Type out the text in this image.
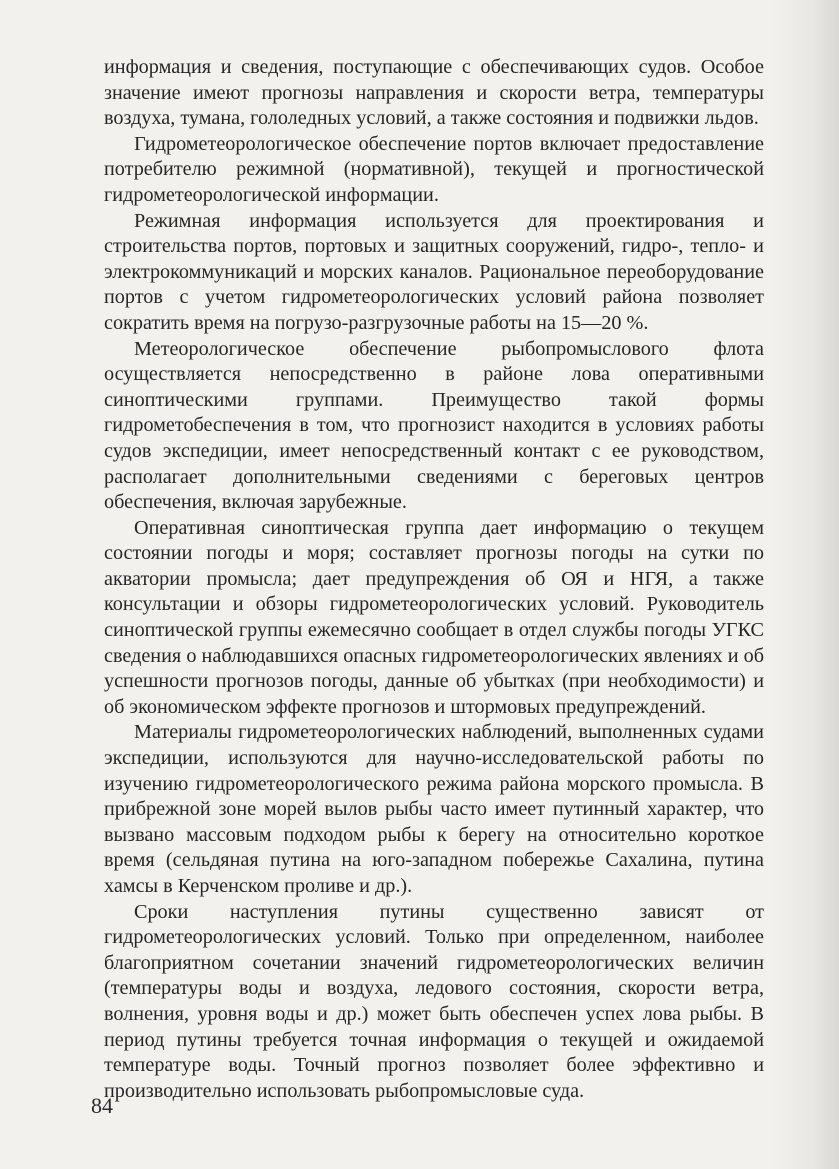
информация и сведения, поступающие с обеспечивающих судов. Особое значение имеют прогнозы направления и скорости ветра, температуры воздуха, тумана, гололедных условий, а также состояния и подвижки льдов.

Гидрометеорологическое обеспечение портов включает предоставление потребителю режимной (нормативной), текущей и прогностической гидрометеорологической информации.

Режимная информация используется для проектирования и строительства портов, портовых и защитных сооружений, гидро-, тепло- и электрокоммуникаций и морских каналов. Рациональное переоборудование портов с учетом гидрометеорологических условий района позволяет сократить время на погрузо-разгрузочные работы на 15—20 %.

Метеорологическое обеспечение рыбопромыслового флота осуществляется непосредственно в районе лова оперативными синоптическими группами. Преимущество такой формы гидрометобеспечения в том, что прогнозист находится в условиях работы судов экспедиции, имеет непосредственный контакт с ее руководством, располагает дополнительными сведениями с береговых центров обеспечения, включая зарубежные.

Оперативная синоптическая группа дает информацию о текущем состоянии погоды и моря; составляет прогнозы погоды на сутки по акватории промысла; дает предупреждения об ОЯ и НГЯ, а также консультации и обзоры гидрометеорологических условий. Руководитель синоптической группы ежемесячно сообщает в отдел службы погоды УГКС сведения о наблюдавшихся опасных гидрометеорологических явлениях и об успешности прогнозов погоды, данные об убытках (при необходимости) и об экономическом эффекте прогнозов и штормовых предупреждений.

Материалы гидрометеорологических наблюдений, выполненных судами экспедиции, используются для научно-исследовательской работы по изучению гидрометеорологического режима района морского промысла. В прибрежной зоне морей вылов рыбы часто имеет путинный характер, что вызвано массовым подходом рыбы к берегу на относительно короткое время (сельдяная путина на юго-западном побережье Сахалина, путина хамсы в Керченском проливе и др.).

Сроки наступления путины существенно зависят от гидрометеорологических условий. Только при определенном, наиболее благоприятном сочетании значений гидрометеорологических величин (температуры воды и воздуха, ледового состояния, скорости ветра, волнения, уровня воды и др.) может быть обеспечен успех лова рыбы. В период путины требуется точная информация о текущей и ожидаемой температуре воды. Точный прогноз позволяет более эффективно и производительно использовать рыбопромысловые суда.

84
